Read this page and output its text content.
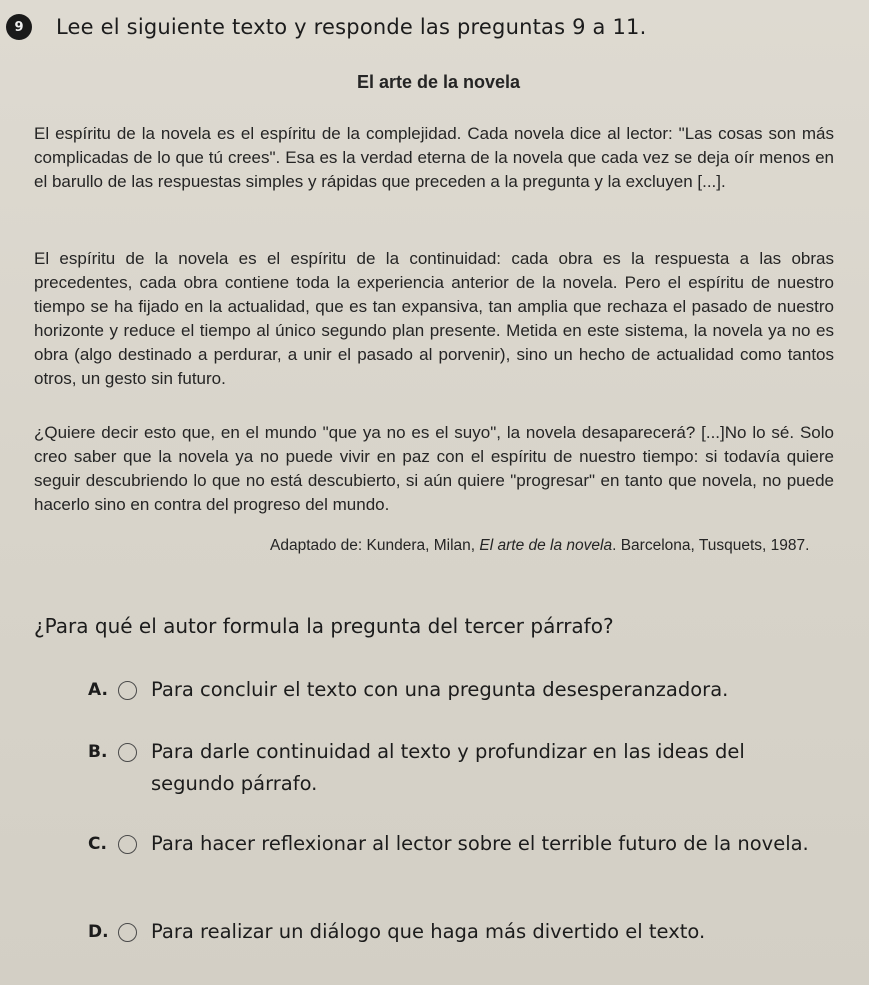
9	Lee el siguiente texto y responde las preguntas 9 a 11.

El arte de la novela

El espíritu de la novela es el espíritu de la complejidad. Cada novela dice al lector: "Las cosas son más complicadas de lo que tú crees". Esa es la verdad eterna de la novela que cada vez se deja oír menos en el barullo de las respuestas simples y rápidas que preceden a la pregunta y la excluyen [...].

El espíritu de la novela es el espíritu de la continuidad: cada obra es la respuesta a las obras precedentes, cada obra contiene toda la experiencia anterior de la novela. Pero el espíritu de nuestro tiempo se ha fijado en la actualidad, que es tan expansiva, tan amplia que rechaza el pasado de nuestro horizonte y reduce el tiempo al único segundo plan presente. Metida en este sistema, la novela ya no es obra (algo destinado a perdurar, a unir el pasado al porvenir), sino un hecho de actualidad como tantos otros, un gesto sin futuro.

¿Quiere decir esto que, en el mundo "que ya no es el suyo", la novela desaparecerá? [...]No lo sé. Solo creo saber que la novela ya no puede vivir en paz con el espíritu de nuestro tiempo: si todavía quiere seguir descubriendo lo que no está descubierto, si aún quiere "progresar" en tanto que novela, no puede hacerlo sino en contra del progreso del mundo.

Adaptado de: Kundera, Milan, El arte de la novela. Barcelona, Tusquets, 1987.

¿Para qué el autor formula la pregunta del tercer párrafo?

A.	Para concluir el texto con una pregunta desesperanzadora.
B.	Para darle continuidad al texto y profundizar en las ideas del segundo párrafo.
C.	Para hacer reflexionar al lector sobre el terrible futuro de la novela.
D.	Para realizar un diálogo que haga más divertido el texto.
